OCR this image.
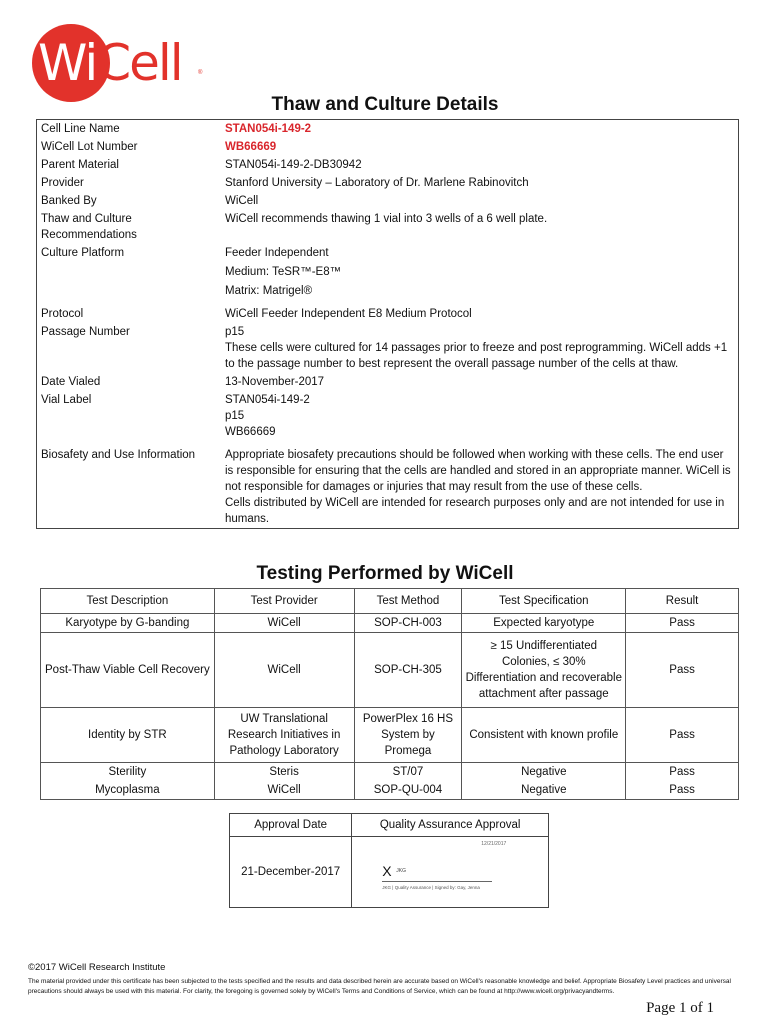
WiCell	®
Thaw and Culture Details
Cell Line Name	STAN054i-149-2
WiCell Lot Number	WB66669
Parent Material	STAN054i-149-2-DB30942
Provider	Stanford University – Laboratory of Dr. Marlene Rabinovitch
Banked By	WiCell
Thaw and Culture Recommendations	WiCell recommends thawing 1 vial into 3 wells of a 6 well plate.
Culture Platform	Feeder Independent
Medium: TeSR™-E8™
Matrix: Matrigel®

Protocol	WiCell Feeder Independent E8 Medium Protocol
Passage Number	p15
These cells were cultured for 14 passages prior to freeze and post reprogramming. WiCell adds +1 to the passage number to best represent the overall passage number of the cells at thaw.

Date Vialed	13-November-2017
Vial Label	STAN054i-149-2
p15
WB66669

Biosafety and Use Information	Appropriate biosafety precautions should be followed when working with these cells. The end user is responsible for ensuring that the cells are handled and stored in an appropriate manner. WiCell is not responsible for damages or injuries that may result from the use of these cells.
Cells distributed by WiCell are intended for research purposes only and are not intended for use in humans.
Testing Performed by WiCell
Test Description	Test Provider	Test Method	Test Specification	Result
Karyotype by G-banding	WiCell	SOP-CH-003	Expected karyotype	Pass
Post-Thaw Viable Cell Recovery	WiCell	SOP-CH-305	≥ 15 Undifferentiated Colonies, ≤ 30% Differentiation and recoverable attachment after passage	Pass
Identity by STR	UW Translational Research Initiatives in Pathology Laboratory	PowerPlex 16 HS System by Promega	Consistent with known profile	Pass
Sterility	Steris	ST/07	Negative	Pass
Mycoplasma	WiCell	SOP-QU-004	Negative	Pass
Approval Date	Quality Assurance Approval
21-December-2017	12/21/2017
X JKG
JKG | Quality Assurance | Signed by: Gay, Jenna
©2017 WiCell Research Institute
The material provided under this certificate has been subjected to the tests specified and the results and data described herein are accurate based on WiCell's reasonable knowledge and belief. Appropriate Biosafety Level practices and universal precautions should always be used with this material. For clarity, the foregoing is governed solely by WiCell's Terms and Conditions of Service, which can be found at http://www.wicell.org/privacyandterms.
Page 1 of 1
